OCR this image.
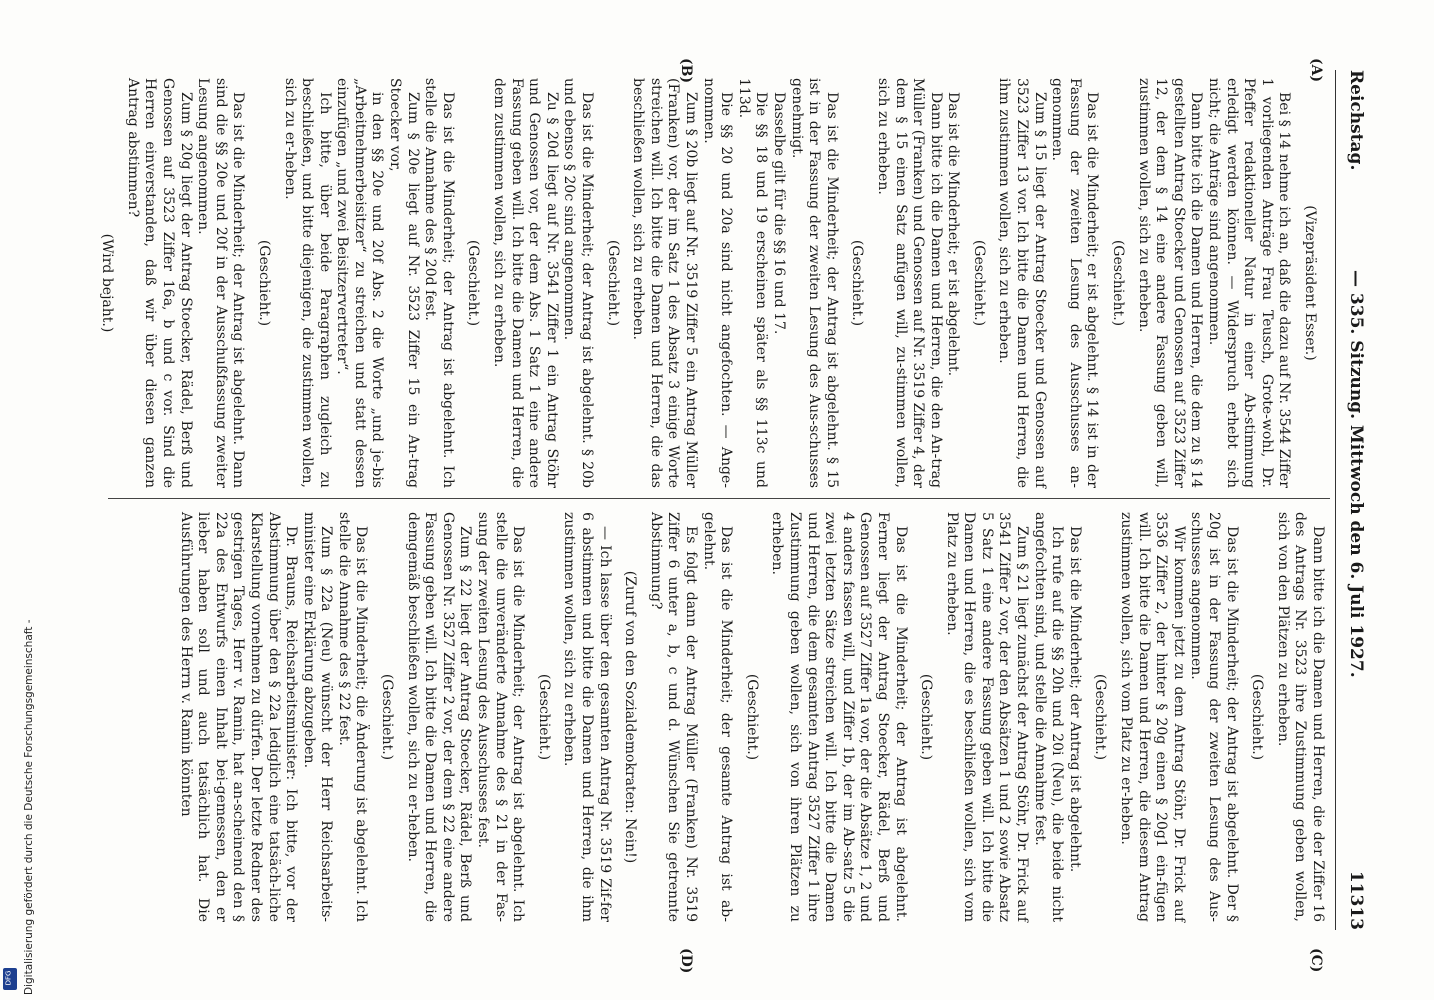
Reichstag.
— 335. Sitzung. Mittwoch den 6. Juli 1927.
11313
(A)
(B)
(C)
(D)

(Vizepräsident Esser.)

Bei § 14 nehme ich an, daß die dazu auf Nr. 3544 Ziffer 1 vorliegenden Anträge Frau Teusch, Grote-wohl, Dr. Pfeffer redaktioneller Natur in einer Ab-stimmung erledigt werden können. — Widerspruch erhebt sich nicht; die Anträge sind angenommen.

Dann bitte ich die Damen und Herren, die dem zu § 14 gestellten Antrag Stoecker und Genossen auf 3523 Ziffer 12, der dem § 14 eine andere Fassung geben will, zustimmen wollen, sich zu erheben.

(Geschieht.)

Das ist die Minderheit; er ist abgelehnt. § 14 ist in der Fassung der zweiten Lesung des Ausschusses an-genommen.

Zum § 15 liegt der Antrag Stoecker und Genossen auf 3523 Ziffer 13 vor. Ich bitte die Damen und Herren, die ihm zustimmen wollen, sich zu erheben.

(Geschieht.)

Das ist die Minderheit; er ist abgelehnt.

Dann bitte ich die Damen und Herren, die den An-trag Müller (Franken) und Genossen auf Nr. 3519 Ziffer 4, der dem § 15 einen Satz anfügen will, zu-stimmen wollen, sich zu erheben.

(Geschieht.)

Das ist die Minderheit; der Antrag ist abgelehnt. § 15 ist in der Fassung der zweiten Lesung des Aus-schusses genehmigt.

Dasselbe gilt für die §§ 16 und 17.

Die §§ 18 und 19 erscheinen später als §§ 113c und 113d.

Die §§ 20 und 20a sind nicht angefochten. — Ange-nommen.

Zum § 20b liegt auf Nr. 3519 Ziffer 5 ein Antrag Müller (Franken) vor, der im Satz 1 des Absatz 3 einige Worte streichen will. Ich bitte die Damen und Herren, die das beschließen wollen, sich zu erheben.

(Geschieht.)

Das ist die Minderheit; der Antrag ist abgelehnt. § 20b und ebenso § 20c sind angenommen.

Zu § 20d liegt auf Nr. 3541 Ziffer 1 ein Antrag Stöhr und Genossen vor, der dem Abs. 1 Satz 1 eine andere Fassung geben will. Ich bitte die Damen und Herren, die dem zustimmen wollen, sich zu erheben.

(Geschieht.)

Das ist die Minderheit; der Antrag ist abgelehnt. Ich stelle die Annahme des § 20d fest.

Zum § 20e liegt auf Nr. 3523 Ziffer 15 ein An-trag Stoecker vor,

in den §§ 20e und 20f Abs. 2 die Worte „und je-bis „Arbeitnehmerbeisitzer“ zu streichen und statt dessen einzufügen „und zwei Beisitzervertreter“.

Ich bitte, über beide Paragraphen zugleich zu beschließen, und bitte diejenigen, die zustimmen wollen, sich zu er-heben.

(Geschieht.)

Das ist die Minderheit; der Antrag ist abgelehnt. Dann sind die §§ 20e und 20f in der Ausschußfassung zweiter Lesung angenommen.

Zum § 20g liegt der Antrag Stoecker, Rädel, Berß und Genossen auf 3523 Ziffer 16a, b und c vor. Sind die Herren einverstanden, daß wir über diesen ganzen Antrag abstimmen?

(Wird bejaht.)

Dann bitte ich die Damen und Herren, die der Ziffer 16 des Antrags Nr. 3523 ihre Zustimmung geben wollen, sich von den Plätzen zu erheben.

(Geschieht.)

Das ist die Minderheit; der Antrag ist abgelehnt. Der § 20g ist in der Fassung der zweiten Lesung des Aus-schusses angenommen.

Wir kommen jetzt zu dem Antrag Stöhr, Dr. Frick auf 3536 Ziffer 2, der hinter § 20g einen § 20g1 ein-fügen will. Ich bitte die Damen und Herren, die diesem Antrag zustimmen wollen, sich vom Platz zu er-heben.

(Geschieht.)

Das ist die Minderheit; der Antrag ist abgelehnt.

Ich rufe auf die §§ 20h und 20i (Neu), die beide nicht angefochten sind, und stelle die Annahme fest.

Zum § 21 liegt zunächst der Antrag Stöhr, Dr. Frick auf 3541 Ziffer 2 vor, der den Absätzen 1 und 2 sowie Absatz 5 Satz 1 eine andere Fassung geben will. Ich bitte die Damen und Herren, die es beschließen wollen, sich vom Platz zu erheben.

(Geschieht.)

Das ist die Minderheit; der Antrag ist abgelehnt. Ferner liegt der Antrag Stoecker, Rädel, Berß und Genossen auf 3527 Ziffer 1a vor, der die Absätze 1, 2 und 4 anders fassen will, und Ziffer 1b, der im Ab-satz 5 die zwei letzten Sätze streichen will. Ich bitte die Damen und Herren, die dem gesamten Antrag 3527 Ziffer 1 ihre Zustimmung geben wollen, sich von ihren Plätzen zu erheben.

(Geschieht.)

Das ist die Minderheit; der gesamte Antrag ist ab-gelehnt.

Es folgt dann der Antrag Müller (Franken) Nr. 3519 Ziffer 6 unter a, b, c und d. Wünschen Sie getrennte Abstimmung?

(Zuruf von den Sozialdemokraten: Nein!)

— Ich lasse über den gesamten Antrag Nr. 3519 Zif-fer 6 abstimmen und bitte die Damen und Herren, die ihm zustimmen wollen, sich zu erheben.

(Geschieht.)

Das ist die Minderheit; der Antrag ist abgelehnt. Ich stelle die unveränderte Annahme des § 21 in der Fas-sung der zweiten Lesung des Ausschusses fest.

Zum § 22 liegt der Antrag Stoecker, Rädel, Berß und Genossen Nr. 3527 Ziffer 2 vor, der dem § 22 eine andere Fassung geben will. Ich bitte die Damen und Herren, die demgemäß beschließen wollen, sich zu er-heben.

(Geschieht.)

Das ist die Minderheit; die Änderung ist abgelehnt. Ich stelle die Annahme des § 22 fest.

Zum § 22a (Neu) wünscht der Herr Reichsarbeits-minister eine Erklärung abzugeben.

Dr. Brauns, Reichsarbeitsminister: Ich bitte, vor der Abstimmung über den § 22a lediglich eine tatsäch-liche Klarstellung vornehmen zu dürfen. Der letzte Redner des gestrigen Tages, Herr v. Ramin, hat an-scheinend den § 22a des Entwurfs einen Inhalt bei-gemessen, den er lieber haben soll und auch tatsächlich hat. Die Ausführungen des Herrn v. Ramin könnten

Digitalisierung gefördert durch die Deutsche Forschungsgemeinschaft -
DFG
